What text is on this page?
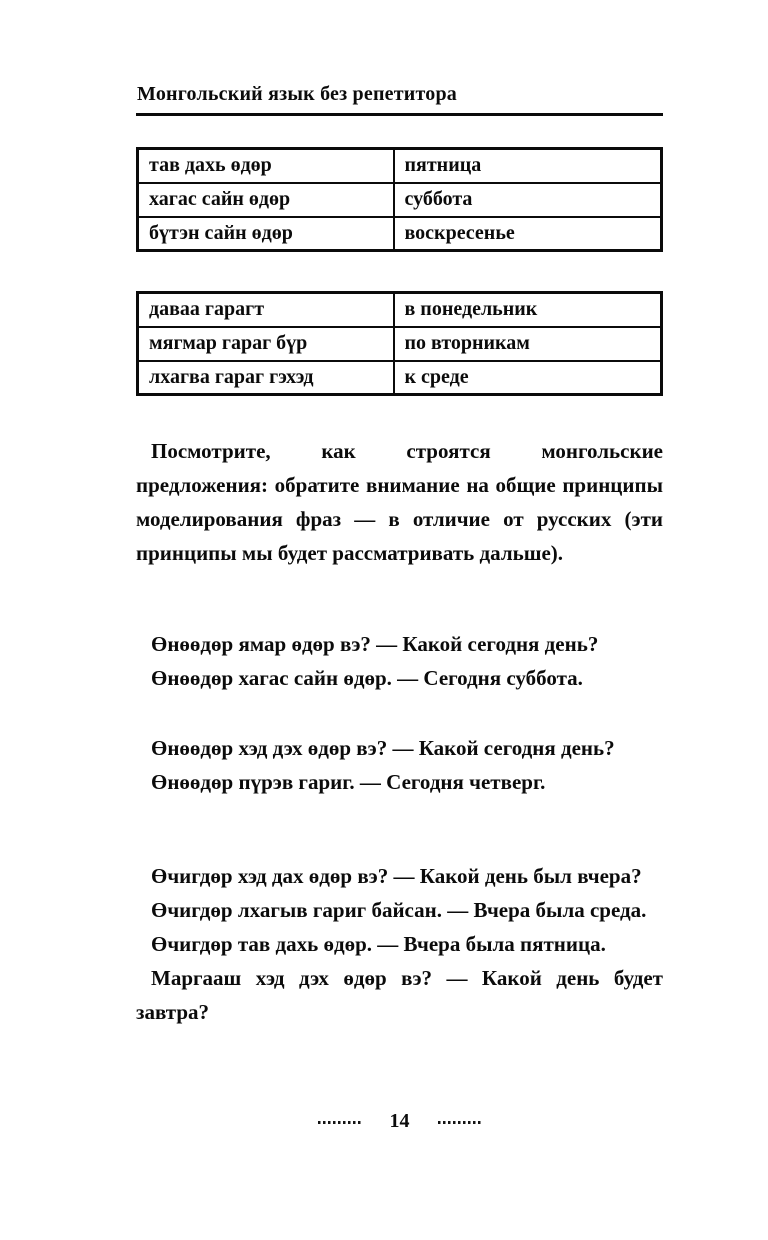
Монгольский язык без репетитора
тав дахь өдөр	пятница
хагас сайн өдөр	суббота
бүтэн сайн өдөр	воскресенье
даваа гарагт	в понедельник
мягмар гараг бүр	по вторникам
лхагва гараг гэхэд	к среде

Посмотрите, как строятся монгольские предложения: обратите внимание на общие принципы моделирования фраз — в отличие от русских (эти принципы мы будет рассматривать дальше).

Өнөөдөр ямар өдөр вэ? — Какой сегодня день?

Өнөөдөр хагас сайн өдөр. — Сегодня суббота.

Өнөөдөр хэд дэх өдөр вэ? — Какой сегодня день?

Өнөөдөр пүрэв гариг. — Сегодня четверг.

Өчигдөр хэд дах өдөр вэ? — Какой день был вчера?

Өчигдөр лхагыв гариг байсан. — Вчера была среда.

Өчигдөр тав дахь өдөр. — Вчера была пятница.

Маргааш хэд дэх өдөр вэ? — Какой день будет завтра?

14
